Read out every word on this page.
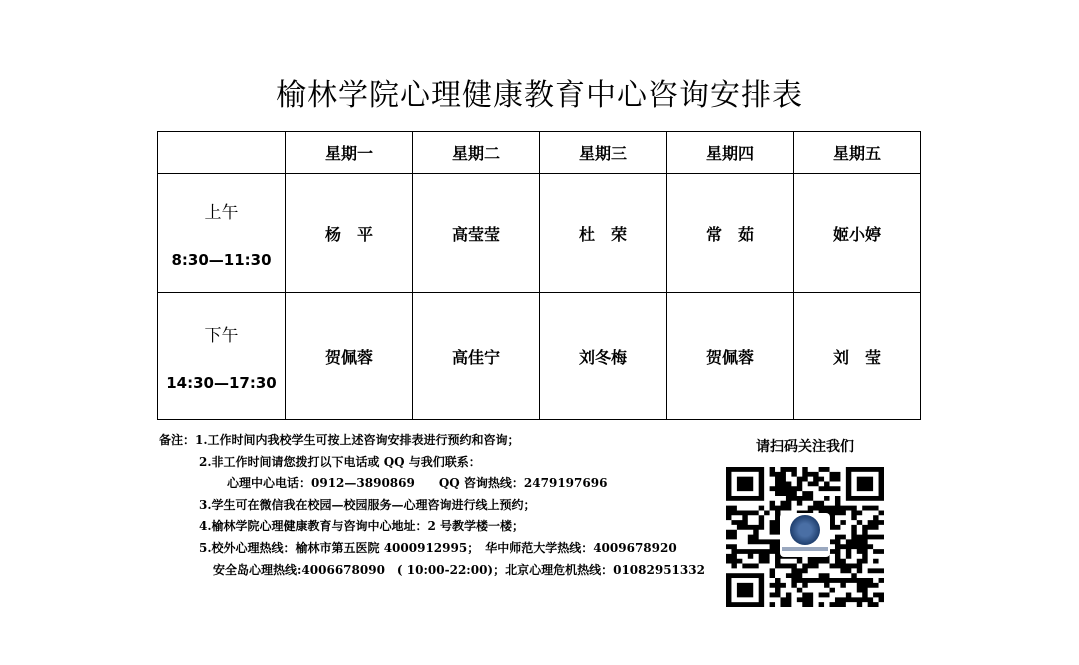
榆林学院心理健康教育中心咨询安排表
	星期一	星期二	星期三	星期四	星期五

上午
8:30—11:30	杨　平	高莹莹	杜　荣	常　茹	姬小婷

下午
14:30—17:30	贺佩蓉	高佳宁	刘冬梅	贺佩蓉	刘　莹
备注：1.工作时间内我校学生可按上述咨询安排表进行预约和咨询；
2.非工作时间请您拨打以下电话或 QQ 与我们联系：
心理中心电话：0912—3890869　　QQ 咨询热线：2479197696
3.学生可在微信我在校园—校园服务—心理咨询进行线上预约；
4.榆林学院心理健康教育与咨询中心地址：2 号教学楼一楼；
5.校外心理热线：榆林市第五医院 4000912995；　华中师范大学热线：4009678920
安全岛心理热线:4006678090　( 10:00-22:00)；北京心理危机热线：01082951332
请扫码关注我们
